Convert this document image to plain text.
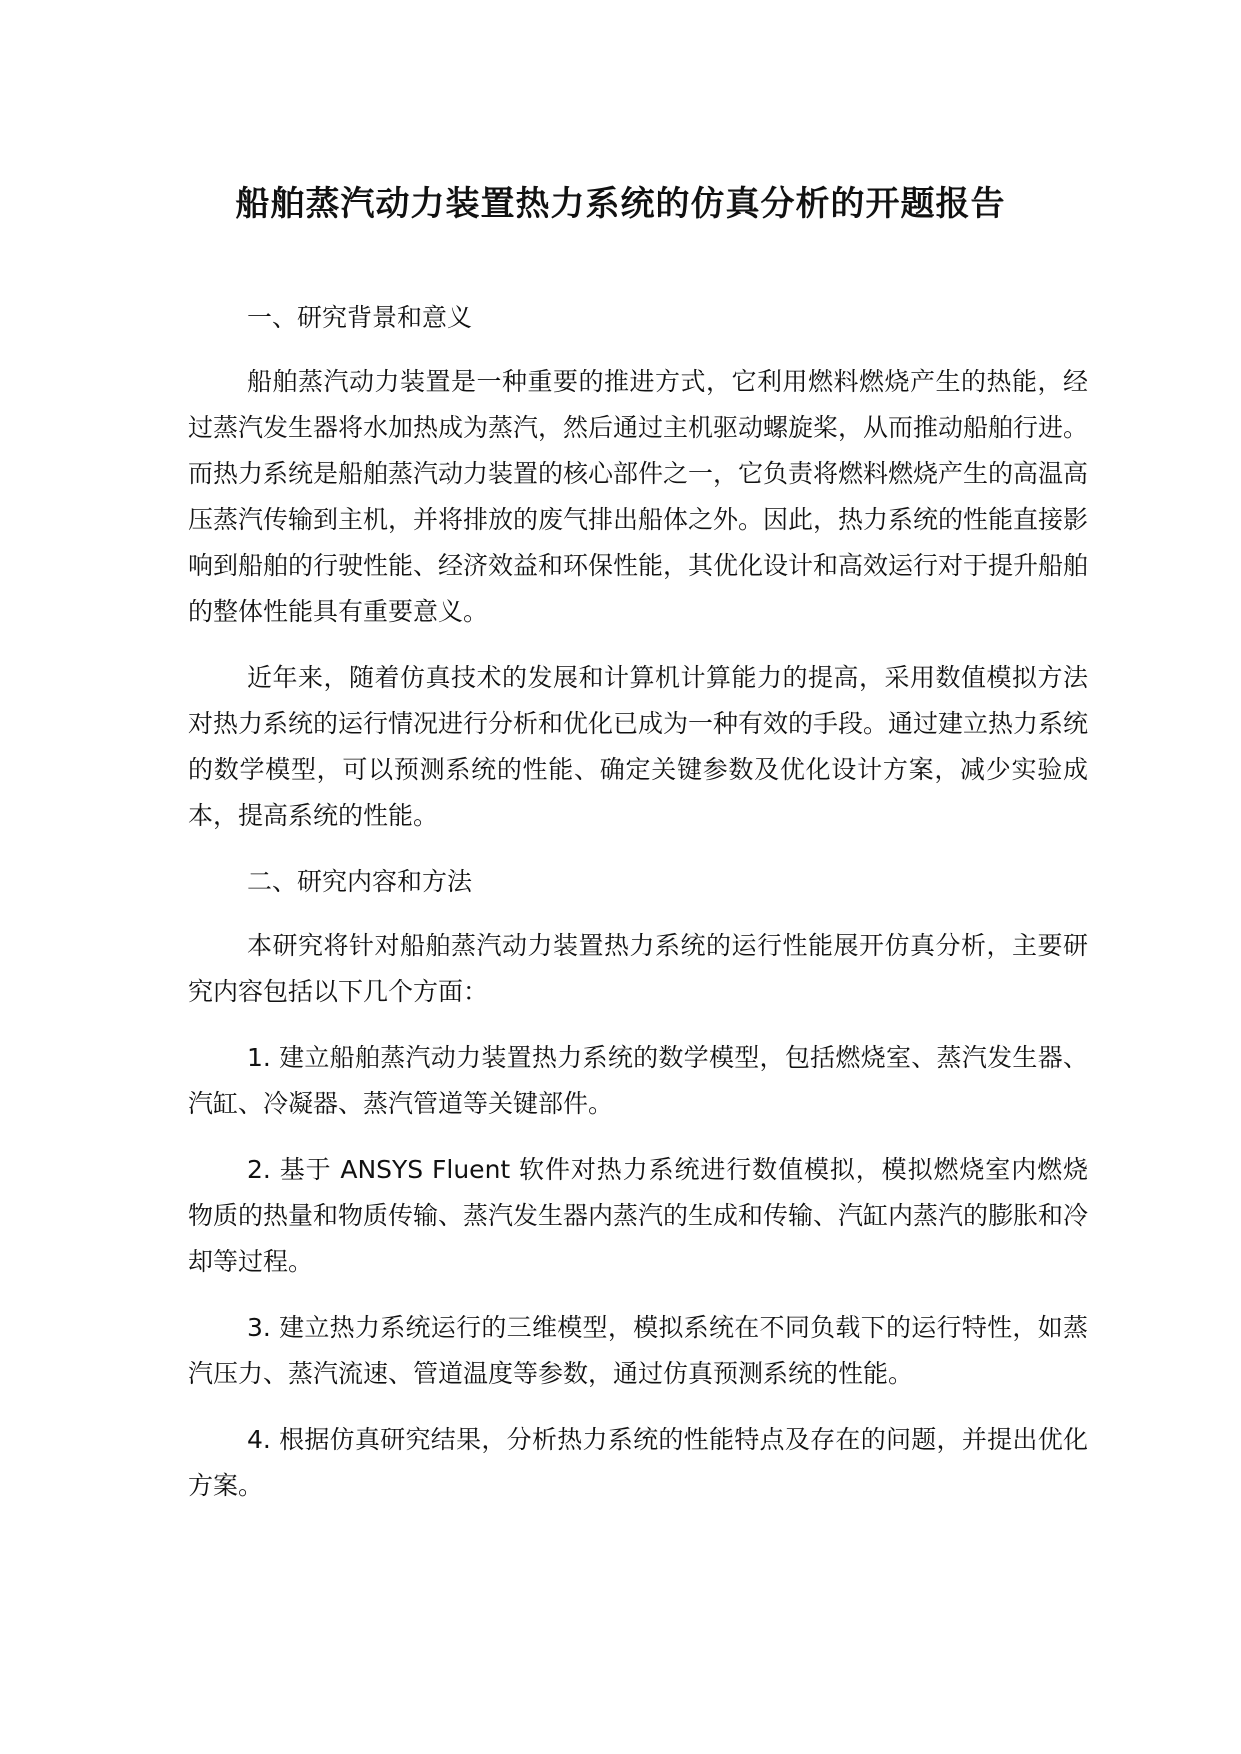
船舶蒸汽动力装置热力系统的仿真分析的开题报告

一、研究背景和意义

船舶蒸汽动力装置是一种重要的推进方式，它利用燃料燃烧产生的热能，经过蒸汽发生器将水加热成为蒸汽，然后通过主机驱动螺旋桨，从而推动船舶行进。而热力系统是船舶蒸汽动力装置的核心部件之一，它负责将燃料燃烧产生的高温高压蒸汽传输到主机，并将排放的废气排出船体之外。因此，热力系统的性能直接影响到船舶的行驶性能、经济效益和环保性能，其优化设计和高效运行对于提升船舶的整体性能具有重要意义。

近年来，随着仿真技术的发展和计算机计算能力的提高，采用数值模拟方法对热力系统的运行情况进行分析和优化已成为一种有效的手段。通过建立热力系统的数学模型，可以预测系统的性能、确定关键参数及优化设计方案，减少实验成本，提高系统的性能。

二、研究内容和方法

本研究将针对船舶蒸汽动力装置热力系统的运行性能展开仿真分析，主要研究内容包括以下几个方面：

1. 建立船舶蒸汽动力装置热力系统的数学模型，包括燃烧室、蒸汽发生器、汽缸、冷凝器、蒸汽管道等关键部件。

2. 基于 ANSYS Fluent 软件对热力系统进行数值模拟，模拟燃烧室内燃烧物质的热量和物质传输、蒸汽发生器内蒸汽的生成和传输、汽缸内蒸汽的膨胀和冷却等过程。

3. 建立热力系统运行的三维模型，模拟系统在不同负载下的运行特性，如蒸汽压力、蒸汽流速、管道温度等参数，通过仿真预测系统的性能。

4. 根据仿真研究结果，分析热力系统的性能特点及存在的问题，并提出优化方案。
